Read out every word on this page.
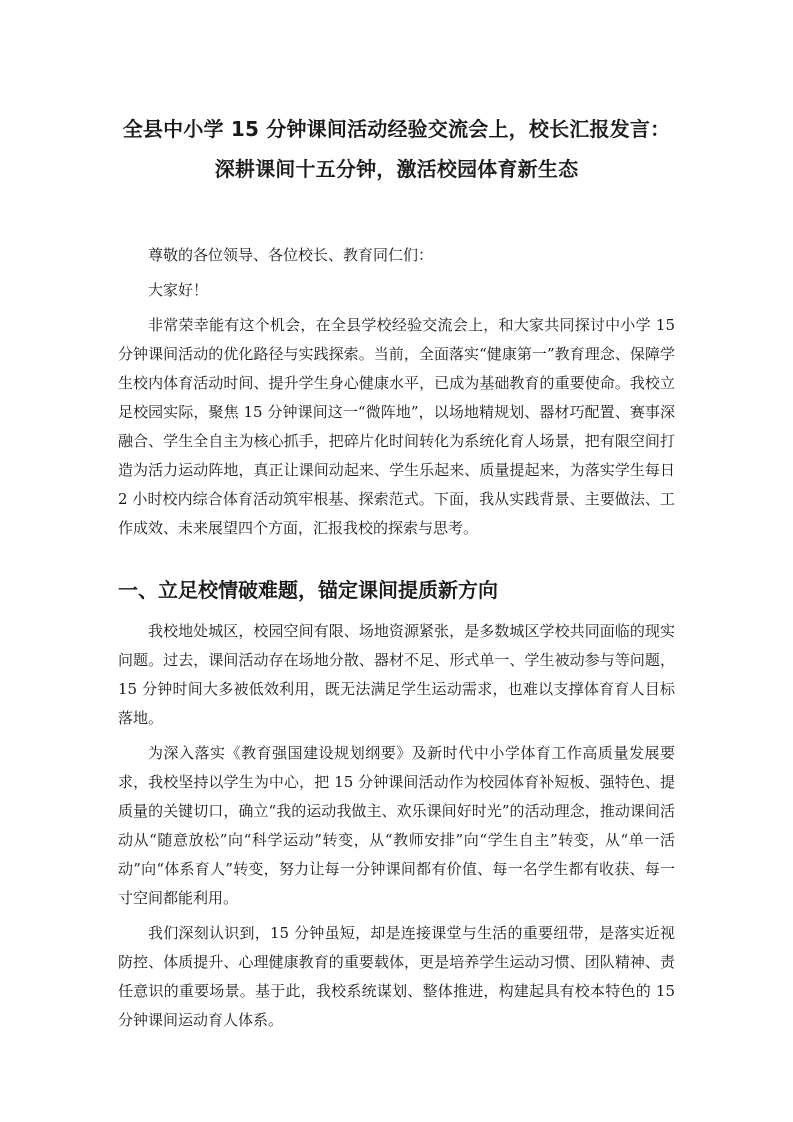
全县中小学 15 分钟课间活动经验交流会上，校长汇报发言：
深耕课间十五分钟，激活校园体育新生态

尊敬的各位领导、各位校长、教育同仁们：

大家好！

非常荣幸能有这个机会，在全县学校经验交流会上，和大家共同探讨中小学 15 分钟课间活动的优化路径与实践探索。当前，全面落实“健康第一”教育理念、保障学生校内体育活动时间、提升学生身心健康水平，已成为基础教育的重要使命。我校立足校园实际，聚焦 15 分钟课间这一“微阵地”，以场地精规划、器材巧配置、赛事深融合、学生全自主为核心抓手，把碎片化时间转化为系统化育人场景，把有限空间打造为活力运动阵地，真正让课间动起来、学生乐起来、质量提起来，为落实学生每日 2 小时校内综合体育活动筑牢根基、探索范式。下面，我从实践背景、主要做法、工作成效、未来展望四个方面，汇报我校的探索与思考。

一、立足校情破难题，锚定课间提质新方向

我校地处城区，校园空间有限、场地资源紧张，是多数城区学校共同面临的现实问题。过去，课间活动存在场地分散、器材不足、形式单一、学生被动参与等问题，15 分钟时间大多被低效利用，既无法满足学生运动需求，也难以支撑体育育人目标落地。

为深入落实《教育强国建设规划纲要》及新时代中小学体育工作高质量发展要求，我校坚持以学生为中心，把 15 分钟课间活动作为校园体育补短板、强特色、提质量的关键切口，确立“我的运动我做主、欢乐课间好时光”的活动理念，推动课间活动从“随意放松”向“科学运动”转变，从“教师安排”向“学生自主”转变，从“单一活动”向“体系育人”转变，努力让每一分钟课间都有价值、每一名学生都有收获、每一寸空间都能利用。

我们深刻认识到，15 分钟虽短，却是连接课堂与生活的重要纽带，是落实近视防控、体质提升、心理健康教育的重要载体，更是培养学生运动习惯、团队精神、责任意识的重要场景。基于此，我校系统谋划、整体推进，构建起具有校本特色的 15 分钟课间运动育人体系。
